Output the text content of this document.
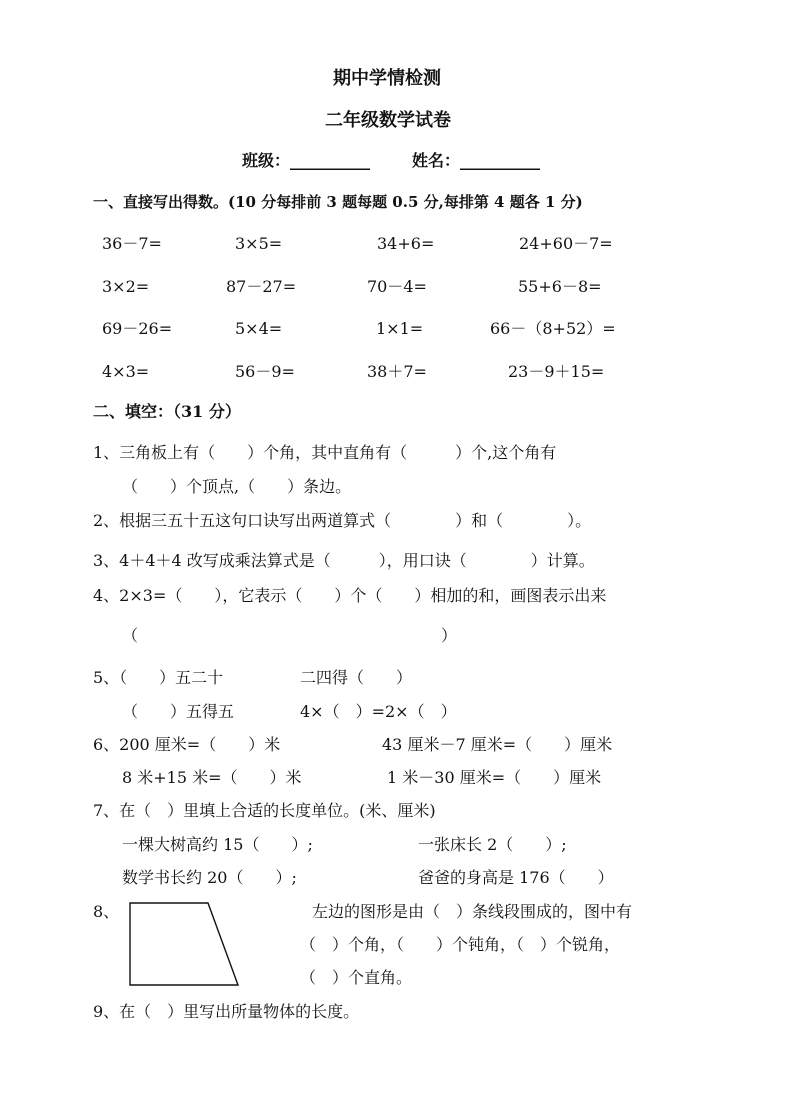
期中学情检测
二年级数学试卷
班级：__________	姓名：__________
一、直接写出得数。(10 分每排前 3 题每题 0.5 分,每排第 4 题各 1 分)
36－7=	3×5=	34+6=	24+60－7=
3×2=	87－27=	70－4=	55+6－8=
69－26=	5×4=	1×1=	66－（8+52）=
4×3=	56－9=	38＋7=	23－9＋15=
二、填空：（31 分）
1、三角板上有（　　）个角，其中直角有（　　　）个,这个角有
（　　）个顶点,（　　）条边。
2、根据三五十五这句口诀写出两道算式（　　　　）和（　　　　）。
3、4＋4＋4 改写成乘法算式是（　　　），用口诀（　　　　）计算。
4、2×3=（　　），它表示（　　）个（　　）相加的和，画图表示出来
（	）
5、（　　）五二十	二四得（　　）
（　　）五得五	4×（　）=2×（　）
6、200 厘米=（　　）米	43 厘米－7 厘米=（　　）厘米
8 米+15 米=（　　）米	1 米－30 厘米=（　　）厘米
7、在（　）里填上合适的长度单位。(米、厘米)
一棵大树高约 15（　　）;	一张床长 2（　　）;
数学书长约 20（　　）;	爸爸的身高是 176（　　）
8、	左边的图形是由（　）条线段围成的，图中有
（　）个角，（　　）个钝角，（　）个锐角，
（　）个直角。
9、在（　）里写出所量物体的长度。
